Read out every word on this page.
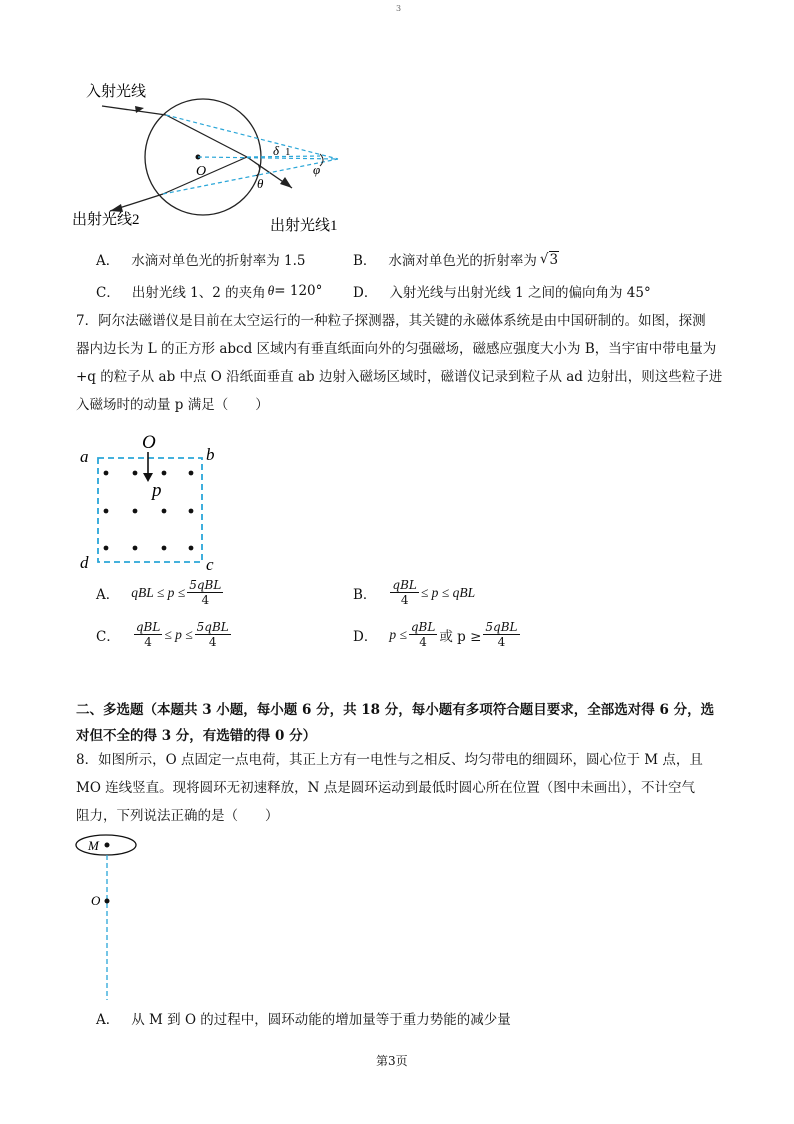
3
入射光线
O
δ 1
φ
θ
出射光线1
出射光线2
A． 水滴对单色光的折射率为 1.5	B． 水滴对单色光的折射率为 √ 3
C． 出射光线 1、2 的夹角 θ = 120° D． 入射光线与出射光线 1 之间的偏向角为 45°
7．阿尔法磁谱仪是目前在太空运行的一种粒子探测器，其关键的永磁体系统是由中国研制的。如图，探测
器内边长为 L 的正方形 abcd 区域内有垂直纸面向外的匀强磁场，磁感应强度大小为 B，当宇宙中带电量为
+q 的粒子从 ab 中点 O 沿纸面垂直 ab 边射入磁场区域时，磁谱仪记录到粒子从 ad 边射出，则这些粒子进
入磁场时的动量 p 满足（　　）
a	b
c
d
O
p
A． qBL ≤ $p \le \frac{\text{5qBL}}{4}$	B． $\frac{\text{qBL}}{4} \le p$ ≤ qBL
C． $\frac{\text{qBL}}{4} \le p \le \frac{\text{5qBL}}{4}$	D． $p \le \frac{\text{qBL}}{4}$ 或 $p \ge \frac{\text{5qBL}}{4}$
二、多选题（本题共 3 小题，每小题 6 分，共 18 分，每小题有多项符合题目要求，全部选对得 6 分，选
对但不全的得 3 分，有选错的得 0 分）
8．如图所示，O 点固定一点电荷，其正上方有一电性与之相反、均匀带电的细圆环，圆心位于 M 点，且
MO 连线竖直。现将圆环无初速释放，N 点是圆环运动到最低时圆心所在位置（图中未画出），不计空气
阻力，下列说法正确的是（　　）
M
O
A． 从 M 到 O 的过程中，圆环动能的增加量等于重力势能的减少量
第3页
